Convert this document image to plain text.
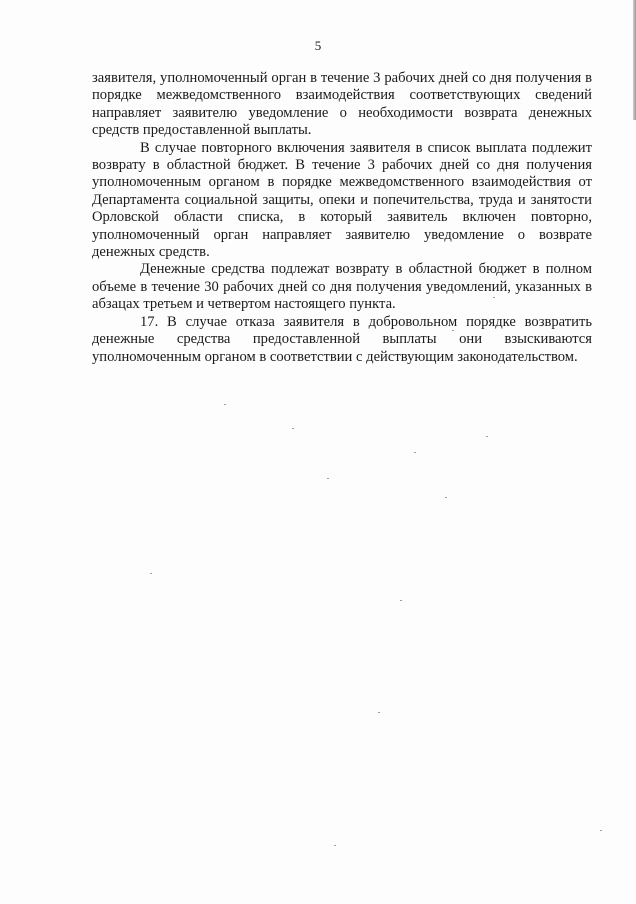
5

заявителя, уполномоченный орган в течение 3 рабочих дней со дня получения в порядке межведомственного взаимодействия соответствующих сведений направляет заявителю уведомление о необходимости возврата денежных средств предоставленной выплаты.

В случае повторного включения заявителя в список выплата подлежит возврату в областной бюджет. В течение 3 рабочих дней со дня получения уполномоченным органом в порядке межведомственного взаимодействия от Департамента социальной защиты, опеки и попечительства, труда и занятости Орловской области списка, в который заявитель включен повторно, уполномоченный орган направляет заявителю уведомление о возврате денежных средств.

Денежные средства подлежат возврату в областной бюджет в полном объеме в течение 30 рабочих дней со дня получения уведомлений, указанных в абзацах третьем и четвертом настоящего пункта.

17. В случае отказа заявителя в добровольном порядке возвратить денежные средства предоставленной выплаты они взыскиваются уполномоченным органом в соответствии с действующим законодательством.
